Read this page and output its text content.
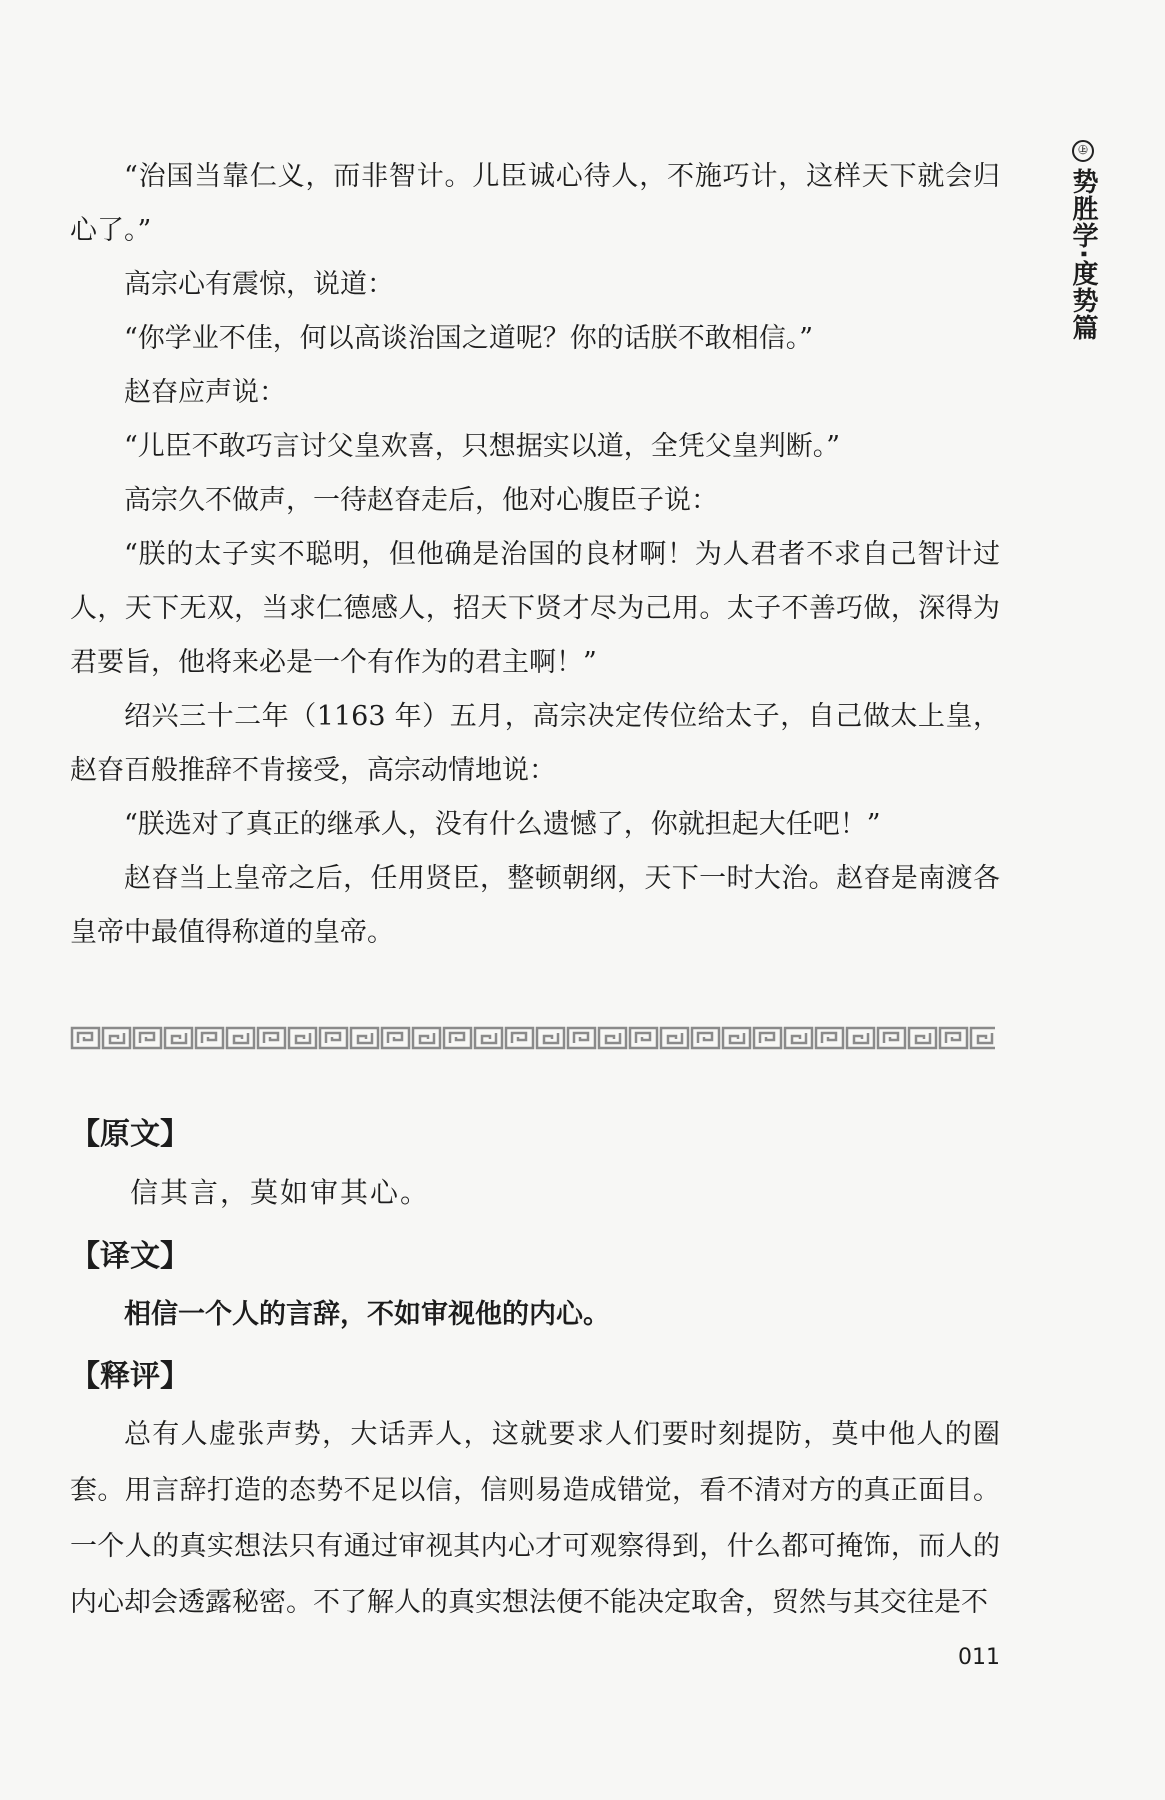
㊤
势胜学·度势篇

“治国当靠仁义，而非智计。儿臣诚心待人，不施巧计，这样天下就会归心了。”

高宗心有震惊，说道：

“你学业不佳，何以高谈治国之道呢？你的话朕不敢相信。”

赵昚应声说：

“儿臣不敢巧言讨父皇欢喜，只想据实以道，全凭父皇判断。”

高宗久不做声，一待赵昚走后，他对心腹臣子说：

“朕的太子实不聪明，但他确是治国的良材啊！为人君者不求自己智计过人，天下无双，当求仁德感人，招天下贤才尽为己用。太子不善巧做，深得为君要旨，他将来必是一个有作为的君主啊！”

绍兴三十二年（1163 年）五月，高宗决定传位给太子，自己做太上皇，赵昚百般推辞不肯接受，高宗动情地说：

“朕选对了真正的继承人，没有什么遗憾了，你就担起大任吧！”

赵昚当上皇帝之后，任用贤臣，整顿朝纲，天下一时大治。赵昚是南渡各皇帝中最值得称道的皇帝。

【原文】

信其言，莫如审其心。

【译文】

相信一个人的言辞，不如审视他的内心。

【释评】

总有人虚张声势，大话弄人，这就要求人们要时刻提防，莫中他人的圈套。用言辞打造的态势不足以信，信则易造成错觉，看不清对方的真正面目。一个人的真实想法只有通过审视其内心才可观察得到，什么都可掩饰，而人的内心却会透露秘密。不了解人的真实想法便不能决定取舍，贸然与其交往是不

011
